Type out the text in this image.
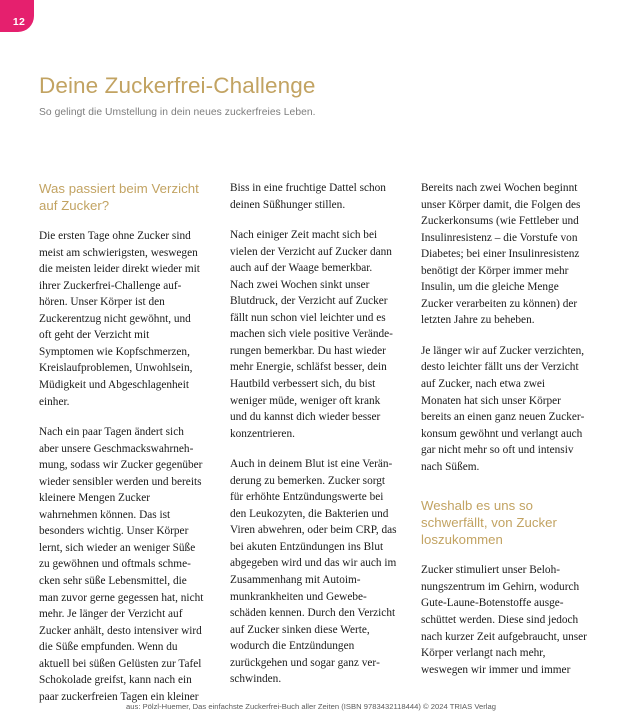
12
Deine Zuckerfrei-Challenge
So gelingt die Umstellung in dein neues zuckerfreies Leben.
Was passiert beim Verzicht auf Zucker?

Die ersten Tage ohne Zucker sind meist am schwierigsten, weswegen die meisten leider direkt wieder mit ihrer Zuckerfrei-Challenge aufhören. Unser Körper ist den Zuckerentzug nicht gewöhnt, und oft geht der Verzicht mit Symptomen wie Kopfschmerzen, Kreislaufproblemen, Unwohlsein, Müdigkeit und Abgeschlagenheit einher.

Nach ein paar Tagen ändert sich aber unsere Geschmackswahrnehmung, sodass wir Zucker gegenüber wieder sensibler werden und bereits kleinere Mengen Zucker wahrnehmen können. Das ist besonders wichtig. Unser Körper lernt, sich wieder an weniger Süße zu gewöhnen und oftmals schmecken sehr süße Lebensmittel, die man zuvor gerne gegessen hat, nicht mehr. Je länger der Verzicht auf Zucker anhält, desto intensiver wird die Süße empfunden. Wenn du aktuell bei süßen Gelüsten zur Tafel Schokolade greifst, kann nach ein paar zuckerfreien Tagen ein kleiner

Biss in eine fruchtige Dattel schon deinen Süßhunger stillen.

Nach einiger Zeit macht sich bei vielen der Verzicht auf Zucker dann auch auf der Waage bemerkbar. Nach zwei Wochen sinkt unser Blutdruck, der Verzicht auf Zucker fällt nun schon viel leichter und es machen sich viele positive Veränderungen bemerkbar. Du hast wieder mehr Energie, schläfst besser, dein Hautbild verbessert sich, du bist weniger müde, weniger oft krank und du kannst dich wieder besser konzentrieren.

Auch in deinem Blut ist eine Veränderung zu bemerken. Zucker sorgt für erhöhte Entzündungswerte bei den Leukozyten, die Bakterien und Viren abwehren, oder beim CRP, das bei akuten Entzündungen ins Blut abgegeben wird und das wir auch im Zusammenhang mit Autoimmunkrankheiten und Gewebeschäden kennen. Durch den Verzicht auf Zucker sinken diese Werte, wodurch die Entzündungen zurückgehen und sogar ganz verschwinden.

Bereits nach zwei Wochen beginnt unser Körper damit, die Folgen des Zuckerkonsums (wie Fettleber und Insulinresistenz – die Vorstufe von Diabetes; bei einer Insulinresistenz benötigt der Körper immer mehr Insulin, um die gleiche Menge Zucker verarbeiten zu können) der letzten Jahre zu beheben.

Je länger wir auf Zucker verzichten, desto leichter fällt uns der Verzicht auf Zucker, nach etwa zwei Monaten hat sich unser Körper bereits an einen ganz neuen Zuckerkonsum gewöhnt und verlangt auch gar nicht mehr so oft und intensiv nach Süßem.

Weshalb es uns so schwerfällt, von Zucker loszukommen

Zucker stimuliert unser Belohnungszentrum im Gehirn, wodurch Gute-Laune-Botenstoffe ausgeschüttet werden. Diese sind jedoch nach kurzer Zeit aufgebraucht, unser Körper verlangt nach mehr, weswegen wir immer und immer

aus: Pölzl-Huemer, Das einfachste Zuckerfrei-Buch aller Zeiten (ISBN 9783432118444) © 2024 TRIAS Verlag
